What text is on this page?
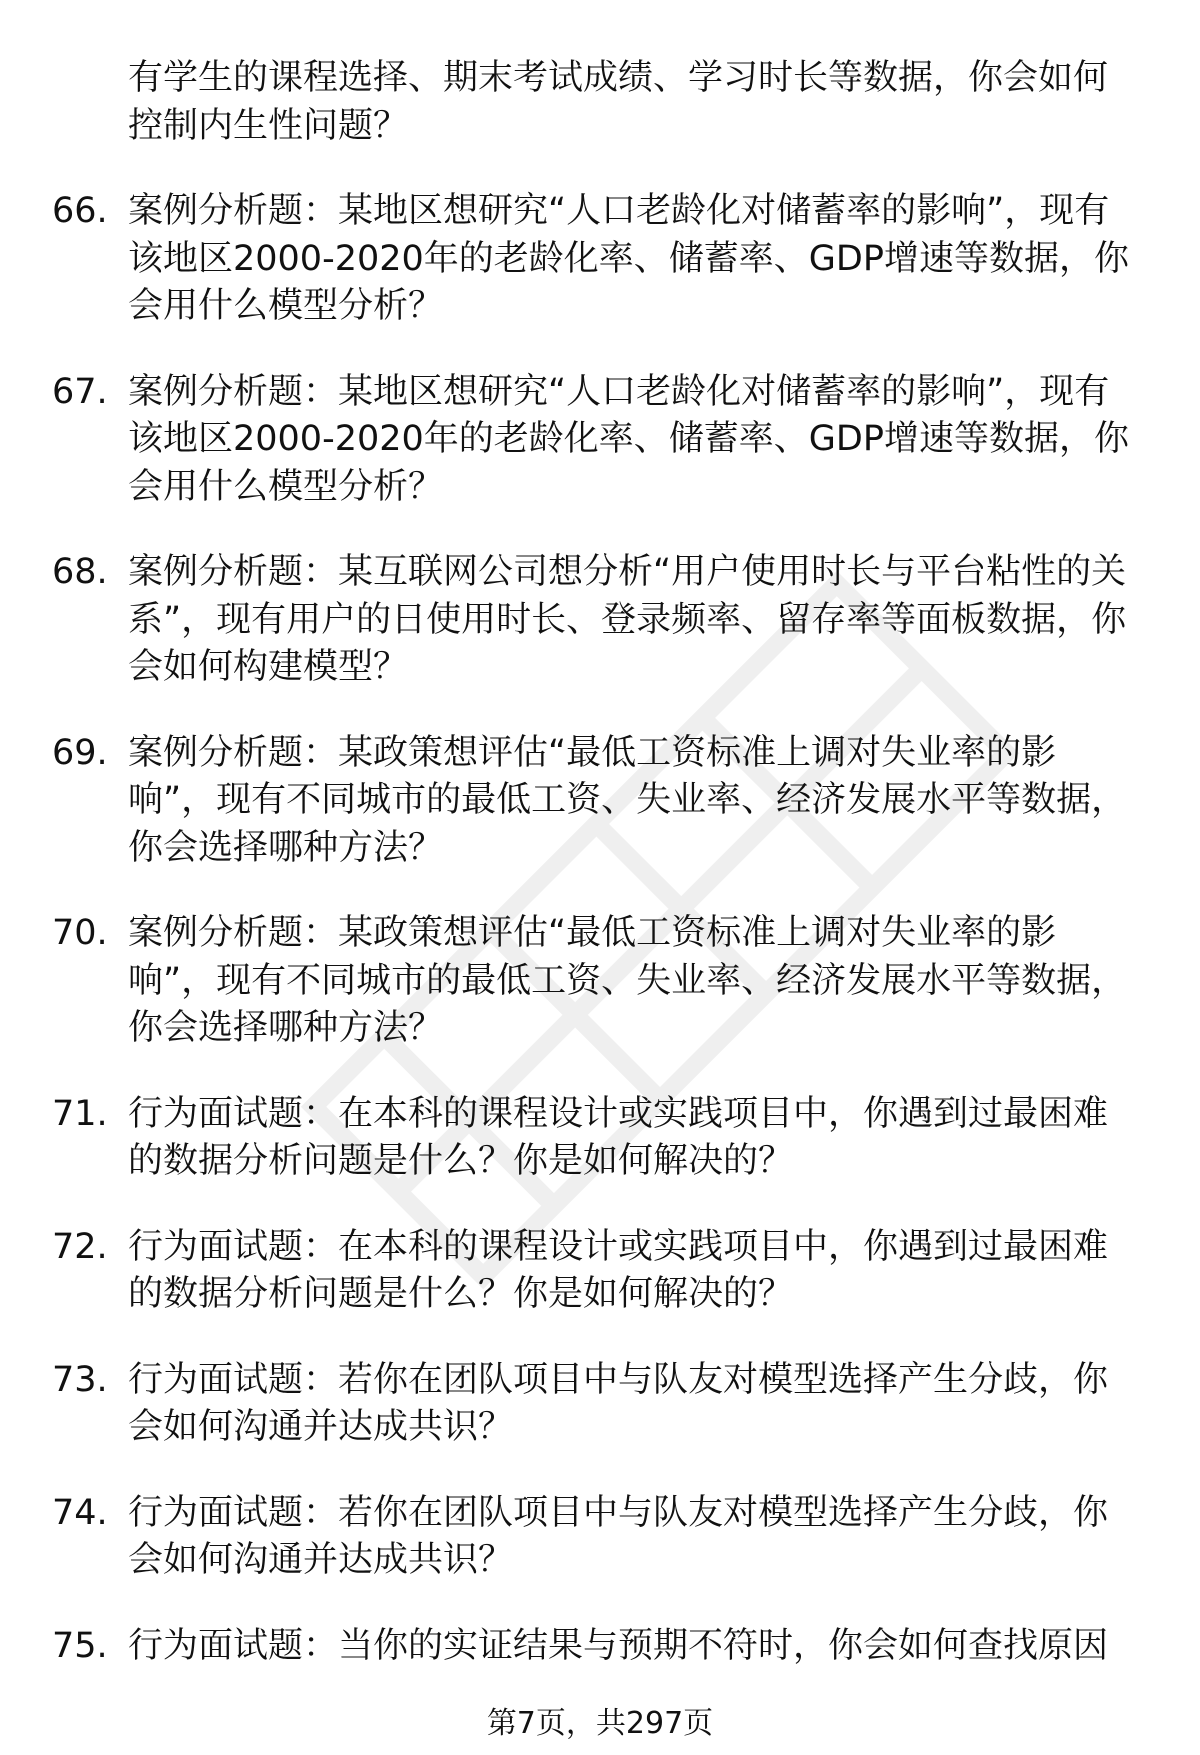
有学生的课程选择、期末考试成绩、学习时长等数据，你会如何控制内生性问题？
66. 案例分析题：某地区想研究“人口老龄化对储蓄率的影响”，现有该地区2000-2020年的老龄化率、储蓄率、GDP增速等数据，你会用什么模型分析？
67. 案例分析题：某地区想研究“人口老龄化对储蓄率的影响”，现有该地区2000-2020年的老龄化率、储蓄率、GDP增速等数据，你会用什么模型分析？
68. 案例分析题：某互联网公司想分析“用户使用时长与平台粘性的关系”，现有用户的日使用时长、登录频率、留存率等面板数据，你会如何构建模型？
69. 案例分析题：某政策想评估“最低工资标准上调对失业率的影响”，现有不同城市的最低工资、失业率、经济发展水平等数据，你会选择哪种方法？
70. 案例分析题：某政策想评估“最低工资标准上调对失业率的影响”，现有不同城市的最低工资、失业率、经济发展水平等数据，你会选择哪种方法？
71. 行为面试题：在本科的课程设计或实践项目中，你遇到过最困难的数据分析问题是什么？你是如何解决的？
72. 行为面试题：在本科的课程设计或实践项目中，你遇到过最困难的数据分析问题是什么？你是如何解决的？
73. 行为面试题：若你在团队项目中与队友对模型选择产生分歧，你会如何沟通并达成共识？
74. 行为面试题：若你在团队项目中与队友对模型选择产生分歧，你会如何沟通并达成共识？
75. 行为面试题：当你的实证结果与预期不符时，你会如何查找原因
第7页，共297页
